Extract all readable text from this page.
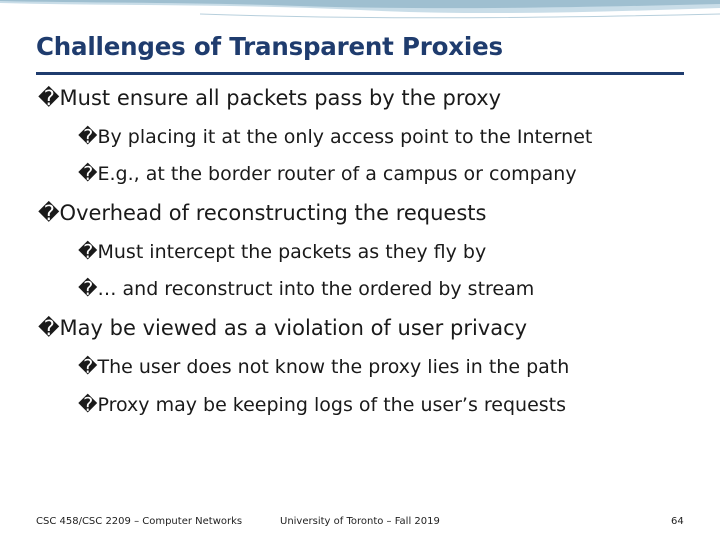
Challenges of Transparent Proxies
�Must ensure all packets pass by the proxy
�By placing it at the only access point to the Internet
�E.g., at the border router of a campus or company
�Overhead of reconstructing the requests
�Must intercept the packets as they fly by
�… and reconstruct into the ordered by stream
�May be viewed as a violation of user privacy
�The user does not know the proxy lies in the path
�Proxy may be keeping logs of the user’s requests
CSC 458/CSC 2209 – Computer Networks	University of Toronto – Fall 2019	64
